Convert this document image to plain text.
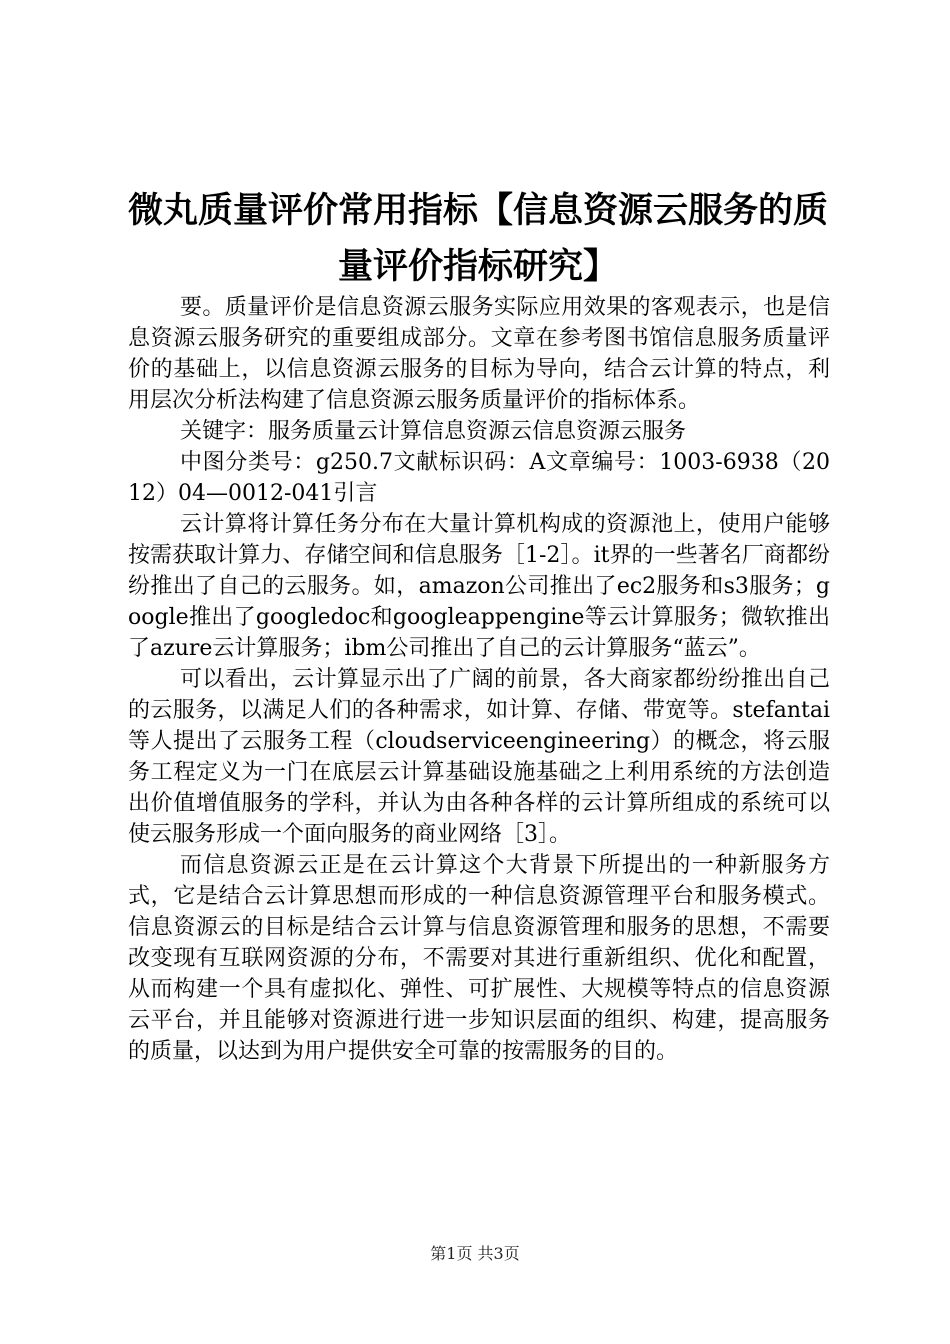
微丸质量评价常用指标【信息资源云服务的质量评价指标研究】

要。质量评价是信息资源云服务实际应用效果的客观表示，也是信息资源云服务研究的重要组成部分。文章在参考图书馆信息服务质量评价的基础上，以信息资源云服务的目标为导向，结合云计算的特点，利用层次分析法构建了信息资源云服务质量评价的指标体系。

关键字：服务质量云计算信息资源云信息资源云服务

中图分类号：g250.7文献标识码：A文章编号：1003-6938（2012）04—0012-041引言

云计算将计算任务分布在大量计算机构成的资源池上，使用户能够按需获取计算力、存储空间和信息服务［1-2］。it界的一些著名厂商都纷纷推出了自己的云服务。如，amazon公司推出了ec2服务和s3服务；google推出了googledoc和googleappengine等云计算服务；微软推出了azure云计算服务；ibm公司推出了自己的云计算服务“蓝云”。

可以看出，云计算显示出了广阔的前景，各大商家都纷纷推出自己的云服务，以满足人们的各种需求，如计算、存储、带宽等。stefantai等人提出了云服务工程（cloudserviceengineering）的概念，将云服务工程定义为一门在底层云计算基础设施基础之上利用系统的方法创造出价值增值服务的学科，并认为由各种各样的云计算所组成的系统可以使云服务形成一个面向服务的商业网络［3］。

而信息资源云正是在云计算这个大背景下所提出的一种新服务方式，它是结合云计算思想而形成的一种信息资源管理平台和服务模式。信息资源云的目标是结合云计算与信息资源管理和服务的思想，不需要改变现有互联网资源的分布，不需要对其进行重新组织、优化和配置，从而构建一个具有虚拟化、弹性、可扩展性、大规模等特点的信息资源云平台，并且能够对资源进行进一步知识层面的组织、构建，提高服务的质量，以达到为用户提供安全可靠的按需服务的目的。

第1页 共3页
